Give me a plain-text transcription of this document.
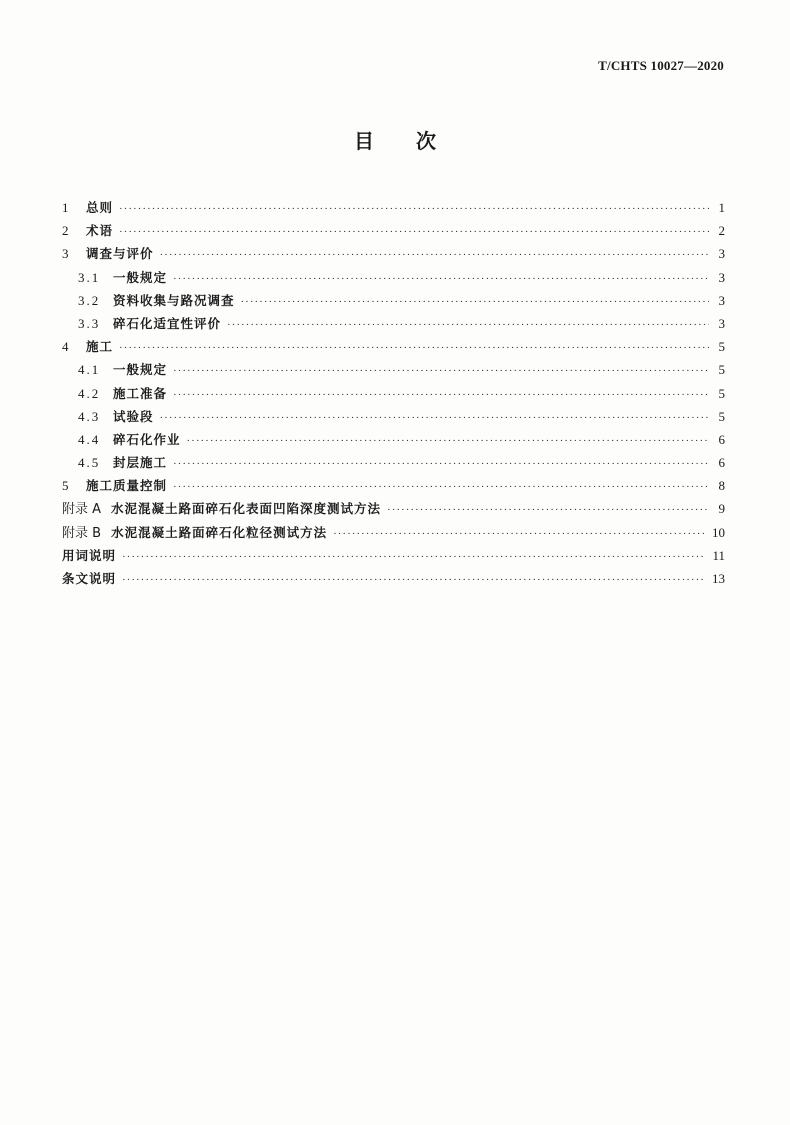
T/CHTS 10027—2020
目 次
1	总则 ·····	1
2	术语 ·····	2
3	调查与评价 ·····	3
3.1	一般规定 ·····	3
3.2	资料收集与路况调查 ·····	3
3.3	碎石化适宜性评价 ·····	3
4	施工 ·····	5
4.1	一般规定 ·····	5
4.2	施工准备 ·····	5
4.3	试验段 ·····	5
4.4	碎石化作业 ·····	6
4.5	封层施工 ·····	6
5	施工质量控制 ·····	8
附录 A 水泥混凝土路面碎石化表面凹陷深度测试方法 ·····	9
附录 B 水泥混凝土路面碎石化粒径测试方法 ·····	10
用词说明 ·····	11
条文说明 ·····	13
